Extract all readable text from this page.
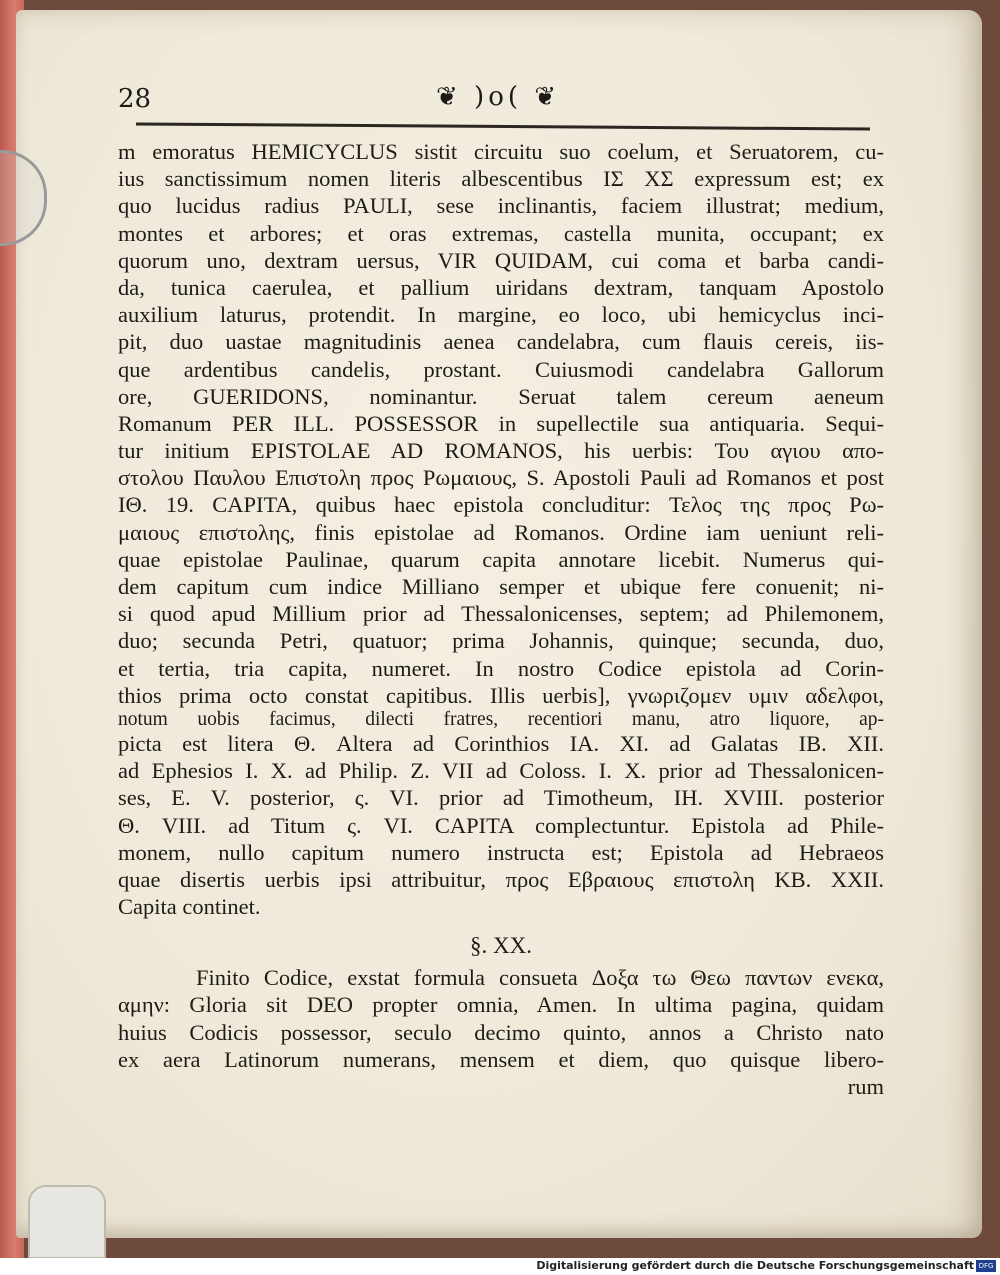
28	❦ )o( ❦
m emoratus HEMICYCLUS sistit circuitu suo coelum, et Seruatorem, cu-
ius sanctissimum nomen literis albescentibus ΙΣ ΧΣ expressum est; ex
quo lucidus radius PAULI, sese inclinantis, faciem illustrat; medium,
montes et arbores; et oras extremas, castella munita, occupant; ex
quorum uno, dextram uersus, VIR QUIDAM, cui coma et barba candi-
da, tunica caerulea, et pallium uiridans dextram, tanquam Apostolo
auxilium laturus, protendit. In margine, eo loco, ubi hemicyclus inci-
pit, duo uastae magnitudinis aenea candelabra, cum flauis cereis, iis-
que ardentibus candelis, prostant. Cuiusmodi candelabra Gallorum
ore, GUERIDONS, nominantur. Seruat talem cereum aeneum
Romanum PER ILL. POSSESSOR in supellectile sua antiquaria. Sequi-
tur initium EPISTOLAE AD ROMANOS, his uerbis: Του αγιου απο-
στολου Παυλου Επιστολη προς Ρωμαιους, S. Apostoli Pauli ad Romanos et post
ΙΘ. 19. CAPITA, quibus haec epistola concluditur: Τελος της προς Ρω-
μαιους επιστολης, finis epistolae ad Romanos. Ordine iam ueniunt reli-
quae epistolae Paulinae, quarum capita annotare licebit. Numerus qui-
dem capitum cum indice Milliano semper et ubique fere conuenit; ni-
si quod apud Millium prior ad Thessalonicenses, septem; ad Philemonem,
duo; secunda Petri, quatuor; prima Johannis, quinque; secunda, duo,
et tertia, tria capita, numeret. In nostro Codice epistola ad Corin-
thios prima octo constat capitibus. Illis uerbis], γνωριζομεν υμιν αδελφοι,
notum uobis facimus, dilecti fratres, recentiori manu, atro liquore, ap-
picta est litera Θ. Altera ad Corinthios ΙΑ. XI. ad Galatas ΙΒ. XII.
ad Ephesios Ι. X. ad Philip. Ζ. VII ad Coloss. Ι. X. prior ad Thessalonicen-
ses, Ε. V. posterior, ς. VI. prior ad Timotheum, ΙΗ. XVIII. posterior
Θ. VIII. ad Titum ς. VI. CAPITA complectuntur. Epistola ad Phile-
monem, nullo capitum numero instructa est; Epistola ad Hebraeos
quae disertis uerbis ipsi attribuitur, προς Εβραιους επιστολη ΚΒ. XXII.
Capita continet.
§. XX.
Finito Codice, exstat formula consueta Δοξα τω Θεω παντων ενεκα,
αμην: Gloria sit DEO propter omnia, Amen. In ultima pagina, quidam
huius Codicis possessor, seculo decimo quinto, annos a Christo nato
ex aera Latinorum numerans, mensem et diem, quo quisque libero-
rum
Digitalisierung gefördert durch die Deutsche Forschungsgemeinschaft DFG
